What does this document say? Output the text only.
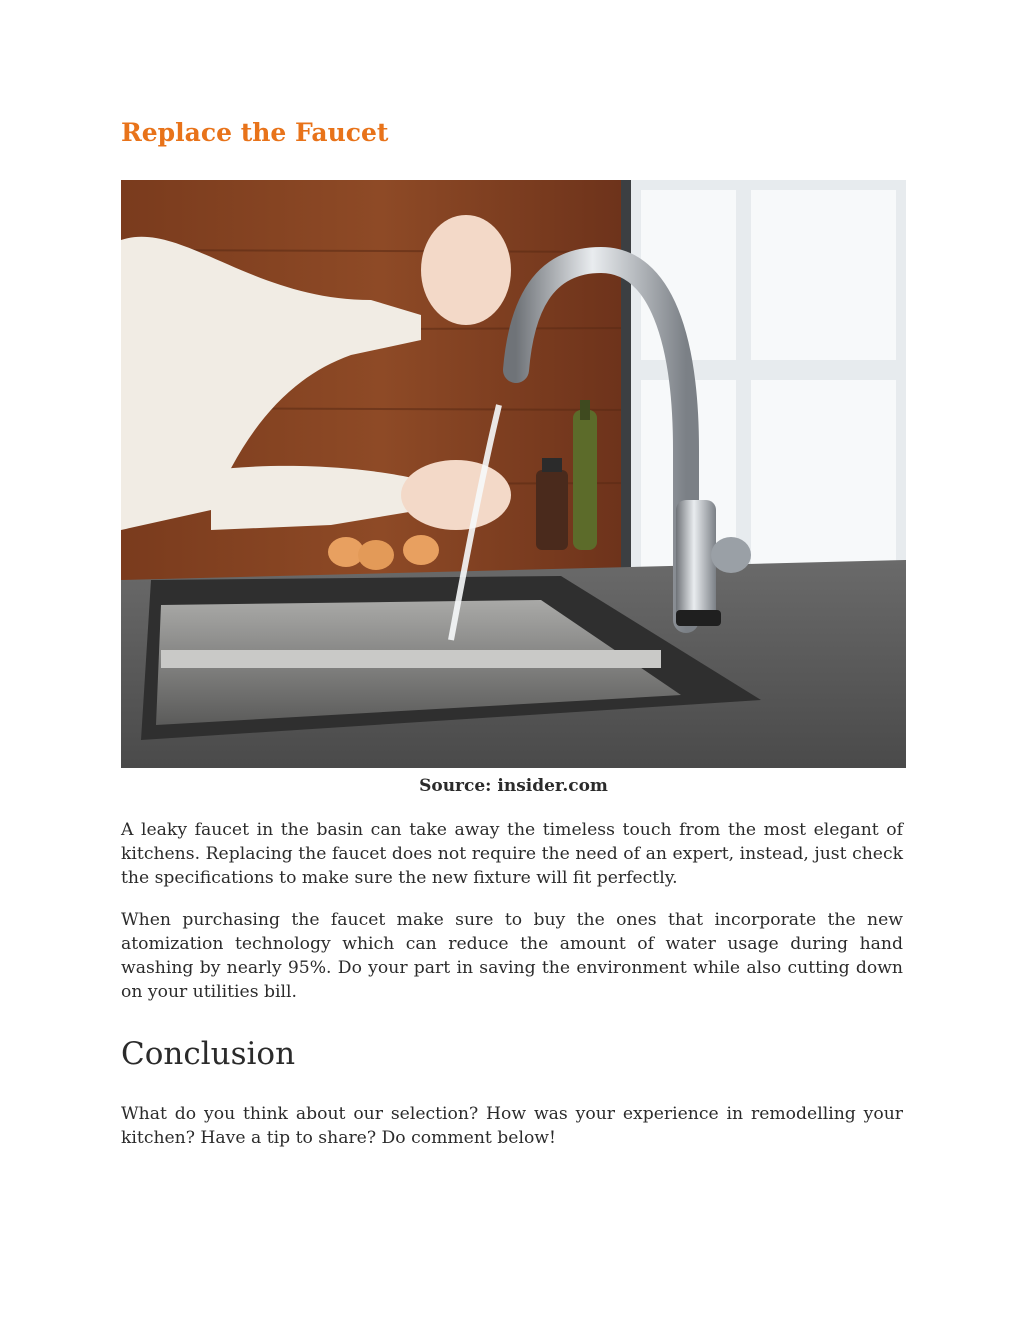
Replace the Faucet

Source: insider.com

A leaky faucet in the basin can take away the timeless touch from the most elegant of kitchens. Replacing the faucet does not require the need of an expert, instead, just check the specifications to make sure the new fixture will fit perfectly.

When purchasing the faucet make sure to buy the ones that incorporate the new atomization technology which can reduce the amount of water usage during hand washing by nearly 95%. Do your part in saving the environment while also cutting down on your utilities bill.

Conclusion

What do you think about our selection? How was your experience in remodelling your kitchen? Have a tip to share? Do comment below!
